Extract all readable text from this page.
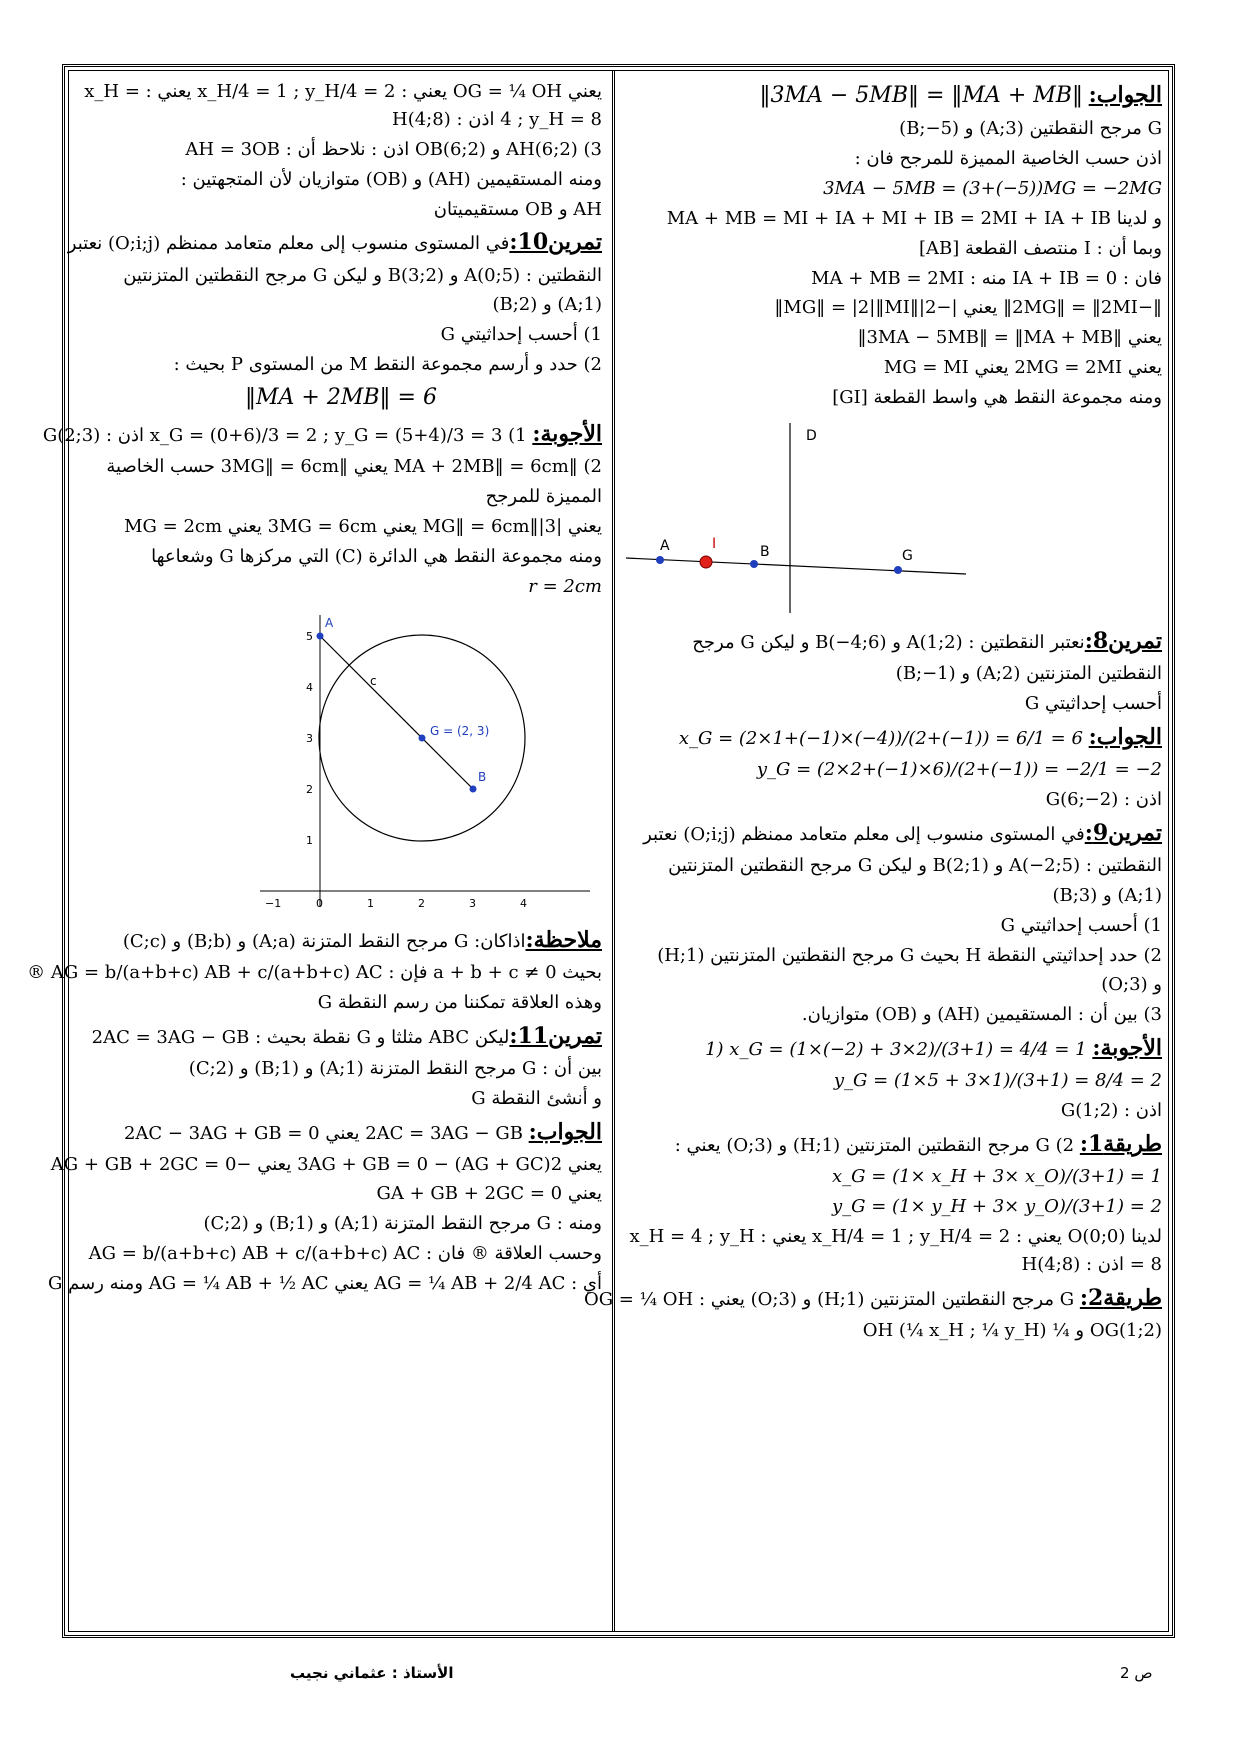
الجواب: ‖3MA − 5MB‖ = ‖MA + MB‖
G مرجح النقطتين (A;3) و (B;−5)
اذن حسب الخاصية المميزة للمرجح فان :
3MA − 5MB = (3+(−5))MG = −2MG
و لدينا MA + MB = MI + IA + MI + IB = 2MI + IA + IB
وبما أن : I منتصف القطعة [AB]
فان : IA + IB = 0 منه : MA + MB = 2MI
‖−2MG‖ = ‖2MI‖ يعني |−2|‖MG‖ = |2|‖MI‖
يعني ‖3MA − 5MB‖ = ‖MA + MB‖
يعني 2MG = 2MI يعني MG = MI
ومنه مجموعة النقط هي واسط القطعة [GI]
D
A	I	B	G
تمرين8:نعتبر النقطتين : A(1;2) و B(−4;6) و ليكن G مرجح
النقطتين المتزنتين (A;2) و (B;−1)
أحسب إحداثيتي G
الجواب: x_G = (2×1+(−1)×(−4))/(2+(−1)) = 6/1 = 6
y_G = (2×2+(−1)×6)/(2+(−1)) = −2/1 = −2
اذن : G(6;−2)
تمرين9:في المستوى منسوب إلى معلم متعامد ممنظم (O;i;j) نعتبر
النقطتين : A(−2;5) و B(2;1) و ليكن G مرجح النقطتين المتزنتين
(A;1) و (B;3)
1) أحسب إحداثيتي G
2) حدد إحداثيتي النقطة H بحيث G مرجح النقطتين المتزنتين (H;1)
و (O;3)
3) بين أن : المستقيمين (AH) و (OB) متوازيان.
الأجوبة: 1) x_G = (1×(−2) + 3×2)/(3+1) = 4/4 = 1
y_G = (1×5 + 3×1)/(3+1) = 8/4 = 2
اذن : G(1;2)
طريقة1: 2) G مرجح النقطتين المتزنتين (H;1) و (O;3) يعني :
x_G = (1× x_H + 3× x_O)/(3+1) = 1
y_G = (1× y_H + 3× y_O)/(3+1) = 2
لدينا O(0;0) يعني : x_H/4 = 1 ; y_H/4 = 2 يعني : x_H = 4 ; y_H = 8 اذن : H(4;8)
طريقة2: G مرجح النقطتين المتزنتين (H;1) و (O;3) يعني : OG = ¼ OH
OG(1;2) و ¼ OH (¼ x_H ; ¼ y_H)
يعني OG = ¼ OH يعني : x_H/4 = 1 ; y_H/4 = 2 يعني : x_H = 4 ; y_H = 8 اذن : H(4;8)
3) AH(6;2) و OB(6;2) اذن : نلاحظ أن : AH = 3OB
ومنه المستقيمين (AH) و (OB) متوازيان لأن المتجهتين :
AH و OB مستقيميتان
تمرين10:في المستوى منسوب إلى معلم متعامد ممنظم (O;i;j) نعتبر
النقطتين : A(0;5) و B(3;2) و ليكن G مرجح النقطتين المتزنتين
(A;1) و (B;2)
1) أحسب إحداثيتي G
2) حدد و أرسم مجموعة النقط M من المستوى P بحيث :
‖MA + 2MB‖ = 6
الأجوبة: 1) x_G = (0+6)/3 = 2 ; y_G = (5+4)/3 = 3 اذن : G(2;3)
2) ‖MA + 2MB‖ = 6cm يعني ‖3MG‖ = 6cm حسب الخاصية
المميزة للمرجح
يعني |3|‖MG‖ = 6cm يعني 3MG = 6cm يعني MG = 2cm
ومنه مجموعة النقط هي الدائرة (C) التي مركزها G وشعاعها
r = 2cm
−1	0	1	2	3	4
1
2
3
4
5
A
B
G = (2, 3)
c
ملاحظة:اذاكان: G مرجح النقط المتزنة (A;a) و (B;b) و (C;c)
بحيث a + b + c ≠ 0 فإن : AG = b/(a+b+c) AB + c/(a+b+c) AC ®
وهذه العلاقة تمكننا من رسم النقطة G
تمرين11:ليكن ABC مثلثا و G نقطة بحيث : 2AC = 3AG − GB
بين أن : G مرجح النقط المتزنة (A;1) و (B;1) و (C;2)
و أنشئ النقطة G
الجواب: 2AC = 3AG − GB يعني 2AC − 3AG + GB = 0
يعني 2(AG + GC) − 3AG + GB = 0 يعني −AG + GB + 2GC = 0
يعني GA + GB + 2GC = 0
ومنه : G مرجح النقط المتزنة (A;1) و (B;1) و (C;2)
وحسب العلاقة ® فان : AG = b/(a+b+c) AB + c/(a+b+c) AC
أي : AG = ¼ AB + 2/4 AC يعني AG = ¼ AB + ½ AC ومنه رسم G
الأستاذ : عثماني نجيب	ص 2
